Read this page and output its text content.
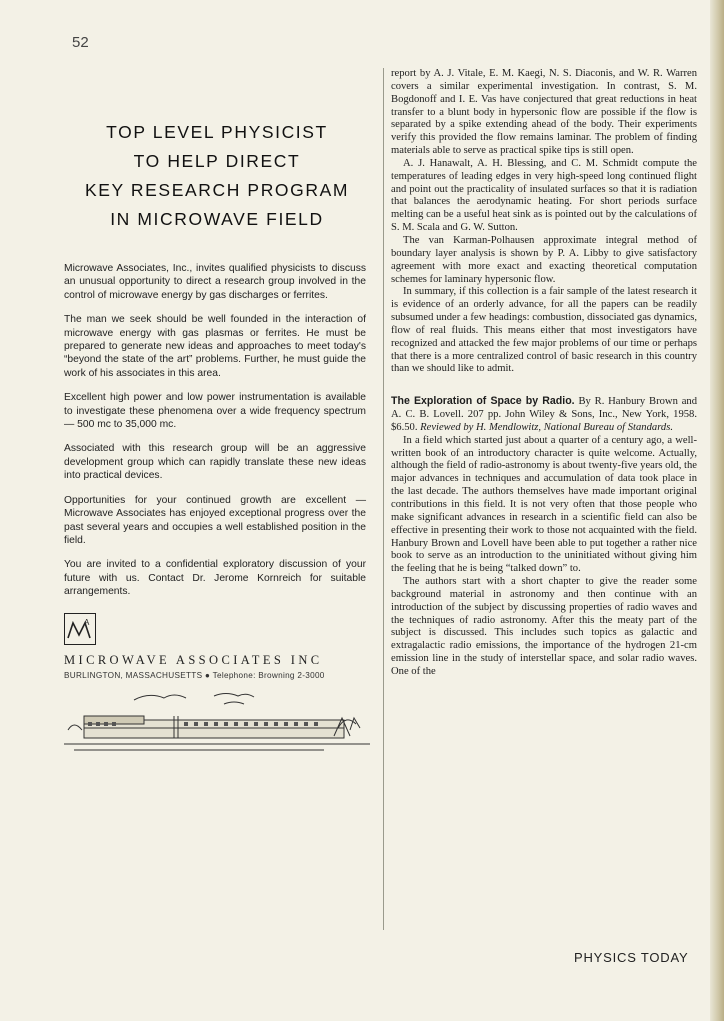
52
TOP LEVEL PHYSICIST
TO HELP DIRECT
KEY RESEARCH PROGRAM
IN MICROWAVE FIELD

Microwave Associates, Inc., invites qualified physicists to discuss an unusual opportunity to direct a research group involved in the control of microwave energy by gas discharges or ferrites.

The man we seek should be well founded in the interaction of microwave energy with gas plasmas or ferrites. He must be prepared to generate new ideas and approaches to meet today's “beyond the state of the art” problems. Further, he must guide the work of his associates in this area.

Excellent high power and low power instrumentation is available to investigate these phenomena over a wide frequency spectrum — 500 mc to 35,000 mc.

Associated with this research group will be an aggressive development group which can rapidly translate these new ideas into practical devices.

Opportunities for your continued growth are excellent — Microwave Associates has enjoyed exceptional progress over the past several years and occupies a well established position in the field.

You are invited to a confidential exploratory discussion of your future with us. Contact Dr. Jerome Kornreich for suitable arrangements.

A
MICROWAVE ASSOCIATES INC
BURLINGTON, MASSACHUSETTS ● Telephone: Browning 2-3000

report by A. J. Vitale, E. M. Kaegi, N. S. Diaconis, and W. R. Warren covers a similar experimental investigation. In contrast, S. M. Bogdonoff and I. E. Vas have conjectured that great reductions in heat transfer to a blunt body in hypersonic flow are possible if the flow is separated by a spike extending ahead of the body. Their experiments verify this provided the flow remains laminar. The problem of finding materials able to serve as practical spike tips is still open.

A. J. Hanawalt, A. H. Blessing, and C. M. Schmidt compute the temperatures of leading edges in very high-speed long continued flight and point out the practicality of insulated surfaces so that it is radiation that balances the aerodynamic heating. For short periods surface melting can be a useful heat sink as is pointed out by the calculations of S. M. Scala and G. W. Sutton.

The van Karman-Polhausen approximate integral method of boundary layer analysis is shown by P. A. Libby to give satisfactory agreement with more exact and exacting theoretical computation schemes for laminary hypersonic flow.

In summary, if this collection is a fair sample of the latest research it is evidence of an orderly advance, for all the papers can be readily subsumed under a few headings: combustion, dissociated gas dynamics, flow of real fluids. This means either that most investigators have recognized and attacked the few major problems of our time or perhaps that there is a more centralized control of basic research in this country than we should like to admit.

The Exploration of Space by Radio. By R. Hanbury Brown and A. C. B. Lovell. 207 pp. John Wiley & Sons, Inc., New York, 1958. $6.50. Reviewed by H. Mendlowitz, National Bureau of Standards.

In a field which started just about a quarter of a century ago, a well-written book of an introductory character is quite welcome. Actually, although the field of radio-astronomy is about twenty-five years old, the major advances in techniques and accumulation of data took place in the last decade. The authors themselves have made important original contributions in this field. It is not very often that those people who make significant advances in research in a scientific field can also be effective in presenting their work to those not acquainted with the field. Hanbury Brown and Lovell have been able to put together a rather nice book to serve as an introduction to the uninitiated without giving him the feeling that he is being “talked down” to.

The authors start with a short chapter to give the reader some background material in astronomy and then continue with an introduction of the subject by discussing properties of radio waves and the techniques of radio astronomy. After this the meaty part of the subject is discussed. This includes such topics as galactic and extragalactic radio emissions, the importance of the hydrogen 21-cm emission line in the study of interstellar space, and solar radio waves. One of the

PHYSICS TODAY
